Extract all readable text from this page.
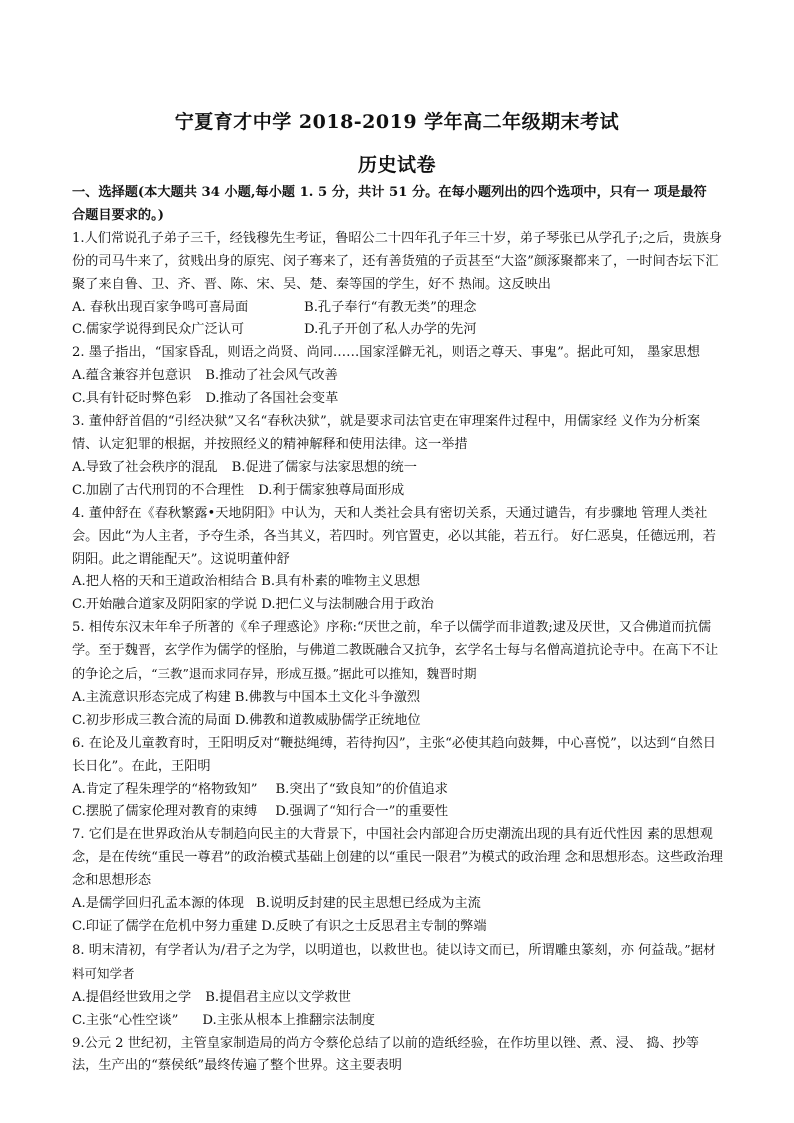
宁夏育才中学 2018-2019 学年高二年级期末考试
历史试卷
一、选择题(本大题共 34 小题,每小题 1. 5 分，共计 51 分。在每小题列出的四个选项中，只有一 项是最符
合题目要求的。)

1.人们常说孔子弟子三千，经钱穆先生考证，鲁昭公二十四年孔子年三十岁，弟子琴张已从学孔子;之后，贵族身份的司马牛来了，贫贱出身的原宪、闵子骞来了，还有善货殖的子贡甚至“大盗”颜涿聚都来了，一时间杏坛下汇聚了来自鲁、卫、齐、晋、陈、宋、吴、楚、秦等国的学生，好不 热闹。这反映出

A. 春秋出现百家争鸣可喜局面	B.孔子奉行“有教无类”的理念
C.儒家学说得到民众广泛认可	D.孔子开创了私人办学的先河

2. 墨子指出，“国家昏乱，则语之尚贤、尚同……国家淫僻无礼，则语之尊天、事鬼”。据此可知， 墨家思想

A.蕴含兼容并包意识 B.推动了社会风气改善
C.具有针砭时弊色彩 D.推动了各国社会变革

3. 董仲舒首倡的“引经决狱”又名“春秋决狱”，就是要求司法官吏在审理案件过程中，用儒家经 义作为分析案情、认定犯罪的根据，并按照经义的精神解释和使用法律。这一举措

A.导致了社会秩序的混乱 B.促进了儒家与法家思想的统一
C.加剧了古代刑罚的不合理性 D.利于儒家独尊局面形成

4. 董仲舒在《春秋繁露•天地阴阳》中认为，天和人类社会具有密切关系，天通过谴告，有步骤地 管理人类社会。因此“为人主者，予夺生杀，各当其义，若四时。列官置吏，必以其能，若五行。 好仁恶臭，任德远刑，若阴阳。此之谓能配天”。这说明董仲舒

A.把人格的天和王道政治相结合 B.具有朴素的唯物主义思想
C.开始融合道家及阴阳家的学说 D.把仁义与法制融合用于政治

5. 相传东汉末年牟子所著的《牟子理惑论》序称:“厌世之前，牟子以儒学而非道教;逮及厌世，又合佛道而抗儒学。至于魏晋，玄学作为儒学的怪胎，与佛道二教既融合又抗争，玄学名士每与名僧高道抗论寺中。在高下不让的争论之后，“三教”退而求同存异，形成互摄。”据此可以推知，魏晋时期

A.主流意识形态完成了构建 B.佛教与中国本土文化斗争激烈
C.初步形成三教合流的局面 D.佛教和道教威胁儒学正统地位

6. 在论及儿童教育时，王阳明反对“鞭挞绳缚，若待拘囚”，主张“必使其趋向鼓舞，中心喜悦”，以达到“自然日长日化”。在此，王阳明

A.肯定了程朱理学的“格物致知” B.突出了“致良知”的价值追求
C.摆脱了儒家伦理对教育的束缚 D.强调了“知行合一”的重要性

7. 它们是在世界政治从专制趋向民主的大背景下，中国社会内部迎合历史潮流出现的具有近代性因 素的思想观念，是在传统“重民一尊君”的政治模式基础上创建的以“重民一限君”为模式的政治理 念和思想形态。这些政治理念和思想形态

A.是儒学回归孔孟本源的体现 B.说明反封建的民主思想已经成为主流
C.印证了儒学在危机中努力重建 D.反映了有识之士反思君主专制的弊端

8. 明末清初，有学者认为/君子之为学，以明道也，以救世也。徒以诗文而已，所谓雕虫篆刻，亦 何益哉。”据材料可知学者

A.提倡经世致用之学 B.提倡君主应以文学救世
C.主张“心性空谈” D.主张从根本上推翻宗法制度

9.公元 2 世纪初，主管皇家制造局的尚方令蔡伦总结了以前的造纸经验，在作坊里以锉、煮、浸、 捣、抄等法，生产出的“蔡侯纸”最终传遍了整个世界。这主要表明
